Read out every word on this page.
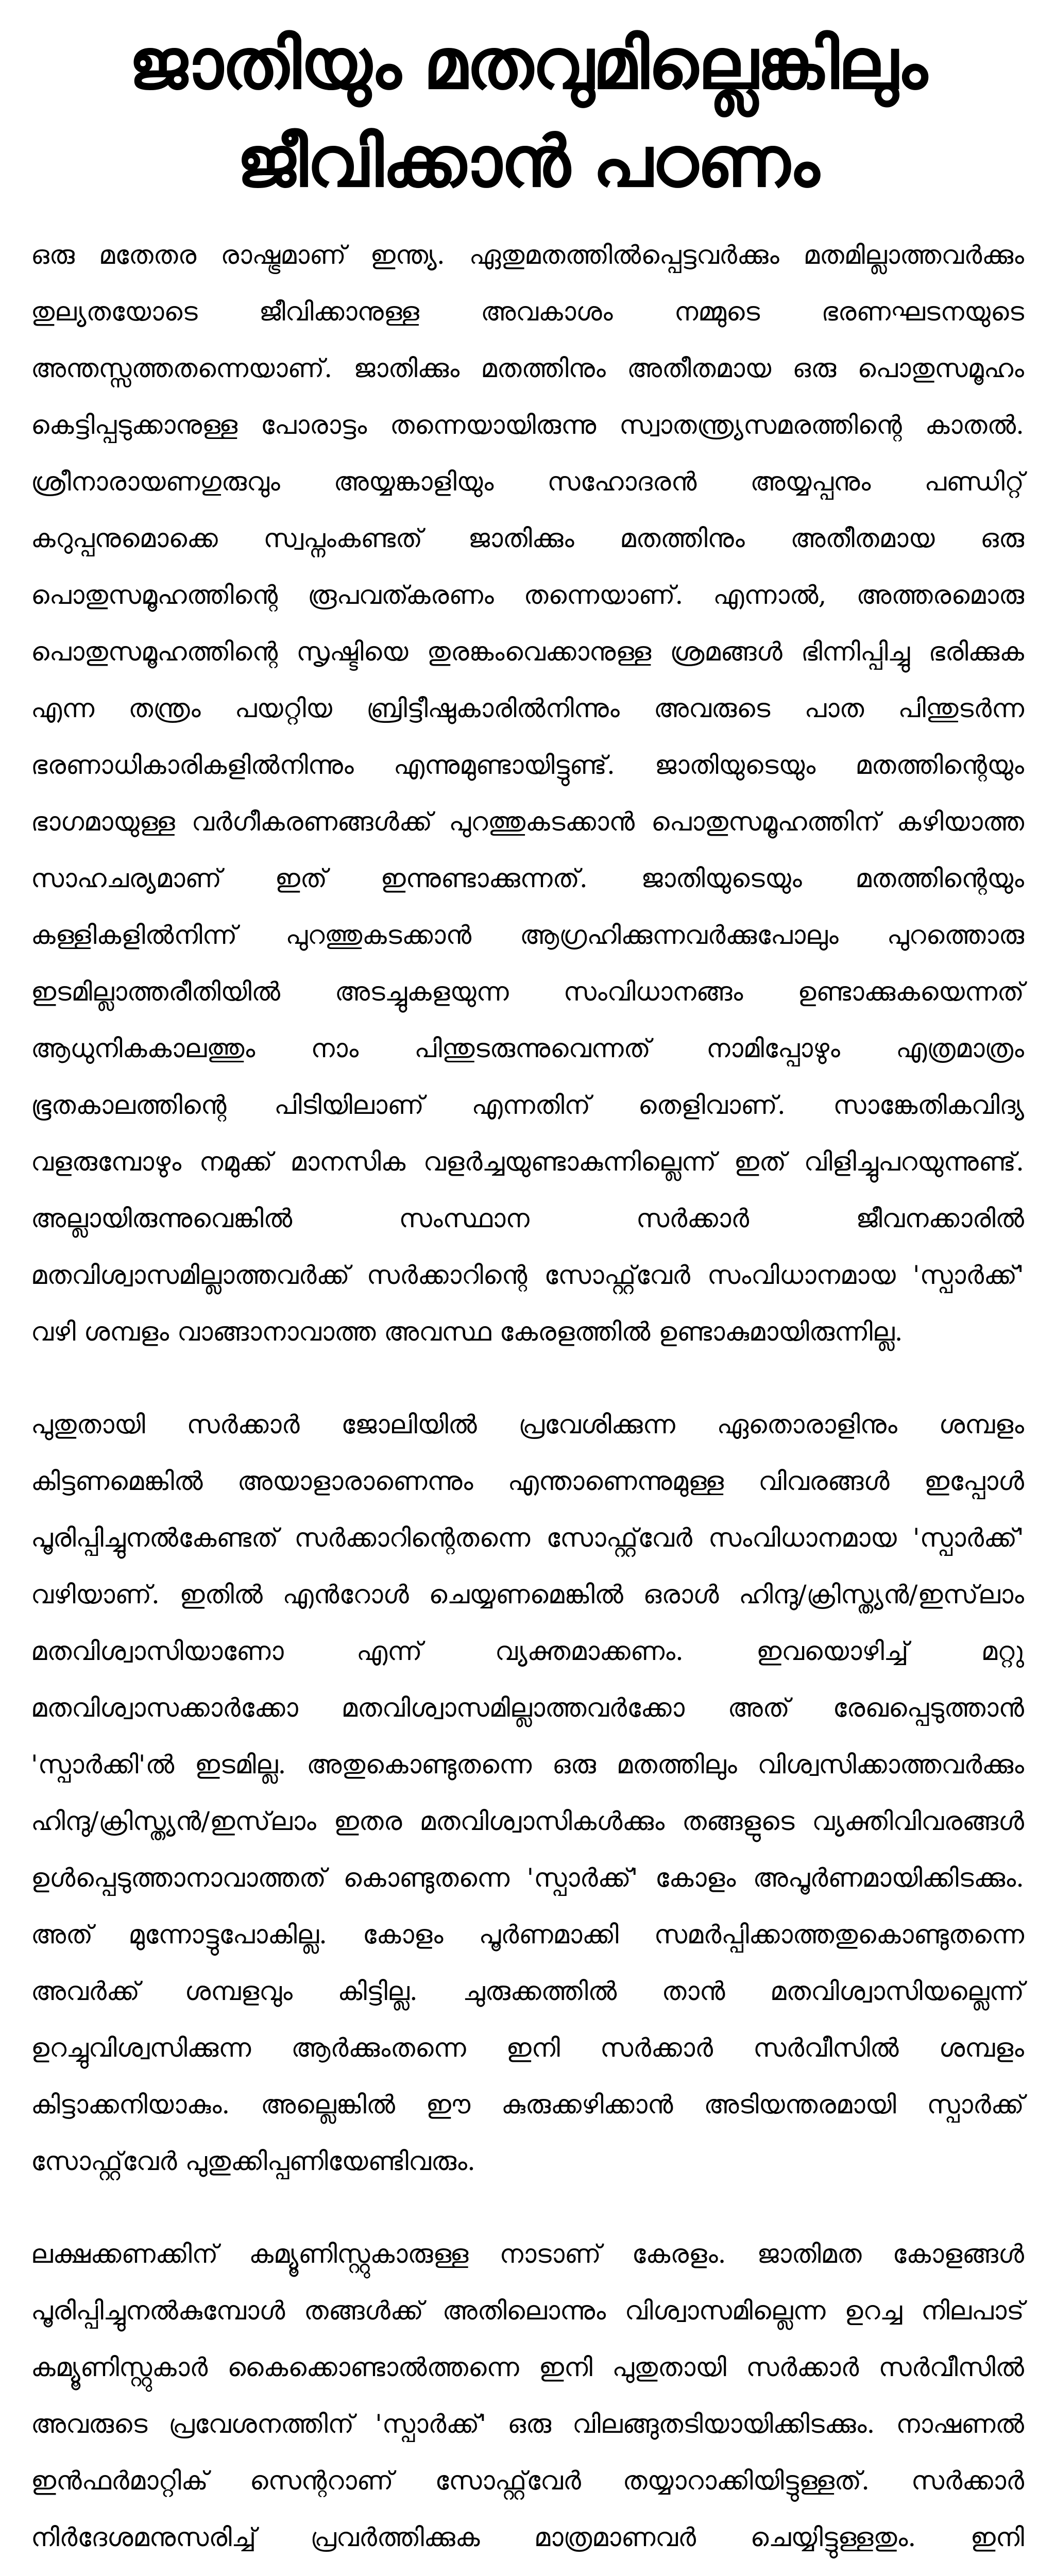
ജാതിയും മതവുമില്ലെങ്കിലും
ജീവിക്കാൻ പഠണം

ഒരു മതേതര രാഷ്ട്രമാണ് ഇന്ത്യ. ഏതുമതത്തിൽപ്പെട്ടവർക്കും മതമില്ലാത്തവർക്കും തുല്യതയോടെ ജീവിക്കാനുള്ള അവകാശം നമ്മുടെ ഭരണഘടനയുടെ അന്തസ്സത്തതന്നെയാണ്. ജാതിക്കും മതത്തിനും അതീതമായ ഒരു പൊതുസമൂഹം കെട്ടിപ്പടുക്കാനുള്ള പോരാട്ടം തന്നെയായിരുന്നു സ്വാതന്ത്ര്യസമരത്തിന്റെ കാതൽ. ശ്രീനാരായണഗുരുവും അയ്യങ്കാളിയും സഹോദരൻ അയ്യപ്പനും പണ്ഡിറ്റ് കറുപ്പനുമൊക്കെ സ്വപ്നംകണ്ടത് ജാതിക്കും മതത്തിനും അതീതമായ ഒരു പൊതുസമൂഹത്തിന്റെ രൂപവത്കരണം തന്നെയാണ്. എന്നാൽ, അത്തരമൊരു പൊതുസമൂഹത്തിന്റെ സൃഷ്ടിയെ തുരങ്കംവെക്കാനുള്ള ശ്രമങ്ങൾ ഭിന്നിപ്പിച്ചു ഭരിക്കുക എന്ന തന്ത്രം പയറ്റിയ ബ്രിട്ടീഷുകാരിൽനിന്നും അവരുടെ പാത പിന്തുടർന്ന ഭരണാധികാരികളിൽനിന്നും എന്നുമുണ്ടായിട്ടുണ്ട്. ജാതിയുടെയും മതത്തിന്റെയും ഭാഗമായുള്ള വർഗീകരണങ്ങൾക്ക് പുറത്തുകടക്കാൻ പൊതുസമൂഹത്തിന് കഴിയാത്ത സാഹചര്യമാണ് ഇത് ഇന്നുണ്ടാക്കുന്നത്. ജാതിയുടെയും മതത്തിന്റെയും കള്ളികളിൽനിന്ന് പുറത്തുകടക്കാൻ ആഗ്രഹിക്കുന്നവർക്കുപോലും പുറത്തൊരു ഇടമില്ലാത്തരീതിയിൽ അടച്ചുകളയുന്ന സംവിധാനങ്ങം ഉണ്ടാക്കുകയെന്നത് ആധുനികകാലത്തും നാം പിന്തുടരുന്നുവെന്നത് നാമിപ്പോഴും എത്രമാത്രം ഭൂതകാലത്തിന്റെ പിടിയിലാണ് എന്നതിന് തെളിവാണ്. സാങ്കേതികവിദ്യ വളരുമ്പോഴും നമുക്ക് മാനസിക വളർച്ചയുണ്ടാകുന്നില്ലെന്ന് ഇത് വിളിച്ചുപറയുന്നുണ്ട്. അല്ലായിരുന്നുവെങ്കിൽ സംസ്ഥാന സർക്കാർ ജീവനക്കാരിൽ മതവിശ്വാസമില്ലാത്തവർക്ക് സർക്കാറിന്റെ സോഫ്റ്റ്‌വേർ സംവിധാനമായ 'സ്പാർക്ക്' വഴി ശമ്പളം വാങ്ങാനാവാത്ത അവസ്ഥ കേരളത്തിൽ ഉണ്ടാകുമായിരുന്നില്ല.

പുതുതായി സർക്കാർ ജോലിയിൽ പ്രവേശിക്കുന്ന ഏതൊരാളിനും ശമ്പളം കിട്ടണമെങ്കിൽ അയാളാരാണെന്നും എന്താണെന്നുമുള്ള വിവരങ്ങൾ ഇപ്പോൾ പൂരിപ്പിച്ചുനൽകേണ്ടത് സർക്കാറിന്റെതന്നെ സോഫ്റ്റ്‌വേർ സംവിധാനമായ 'സ്പാർക്ക്' വഴിയാണ്. ഇതിൽ എൻറോൾ ചെയ്യണമെങ്കിൽ ഒരാൾ ഹിന്ദു/ക്രിസ്ത്യൻ/ഇസ്‌ലാം മതവിശ്വാസിയാണോ എന്ന് വ്യക്തമാക്കണം. ഇവയൊഴിച്ച് മറ്റു മതവിശ്വാസക്കാർക്കോ മതവിശ്വാസമില്ലാത്തവർക്കോ അത് രേഖപ്പെടുത്താൻ 'സ്പാർക്കി'ൽ ഇടമില്ല. അതുകൊണ്ടുതന്നെ ഒരു മതത്തിലും വിശ്വസിക്കാത്തവർക്കും ഹിന്ദു/ക്രിസ്ത്യൻ/ഇസ്‌ലാം ഇതര മതവിശ്വാസികൾക്കും തങ്ങളുടെ വ്യക്തിവിവരങ്ങൾ ഉൾപ്പെടുത്താനാവാത്തത് കൊണ്ടുതന്നെ 'സ്പാർക്ക്' കോളം അപൂർണമായിക്കിടക്കും. അത് മുന്നോട്ടുപോകില്ല. കോളം പൂർണമാക്കി സമർപ്പിക്കാത്തതുകൊണ്ടുതന്നെ അവർക്ക് ശമ്പളവും കിട്ടില്ല. ചുരുക്കത്തിൽ താൻ മതവിശ്വാസിയല്ലെന്ന് ഉറച്ചുവിശ്വസിക്കുന്ന ആർക്കുംതന്നെ ഇനി സർക്കാർ സർവീസിൽ ശമ്പളം കിട്ടാക്കനിയാകും. അല്ലെങ്കിൽ ഈ കുരുക്കഴിക്കാൻ അടിയന്തരമായി സ്പാർക്ക് സോഫ്റ്റ്‌വേർ പുതുക്കിപ്പണിയേണ്ടിവരും.

ലക്ഷക്കണക്കിന് കമ്യൂണിസ്റ്റുകാരുള്ള നാടാണ് കേരളം. ജാതിമത കോളങ്ങൾ പൂരിപ്പിച്ചുനൽകുമ്പോൾ തങ്ങൾക്ക് അതിലൊന്നും വിശ്വാസമില്ലെന്ന ഉറച്ച നിലപാട് കമ്യൂണിസ്റ്റുകാർ കൈക്കൊണ്ടാൽത്തന്നെ ഇനി പുതുതായി സർക്കാർ സർവീസിൽ അവരുടെ പ്രവേശനത്തിന് 'സ്പാർക്ക്' ഒരു വിലങ്ങുതടിയായിക്കിടക്കും. നാഷണൽ ഇൻഫർമാറ്റിക് സെന്ററാണ് സോഫ്റ്റ്‌വേർ തയ്യാറാക്കിയിട്ടുള്ളത്. സർക്കാർ നിർദേശമനുസരിച്ച് പ്രവർത്തിക്കുക മാത്രമാണവർ ചെയ്യിട്ടുള്ളതും. ഇനി
